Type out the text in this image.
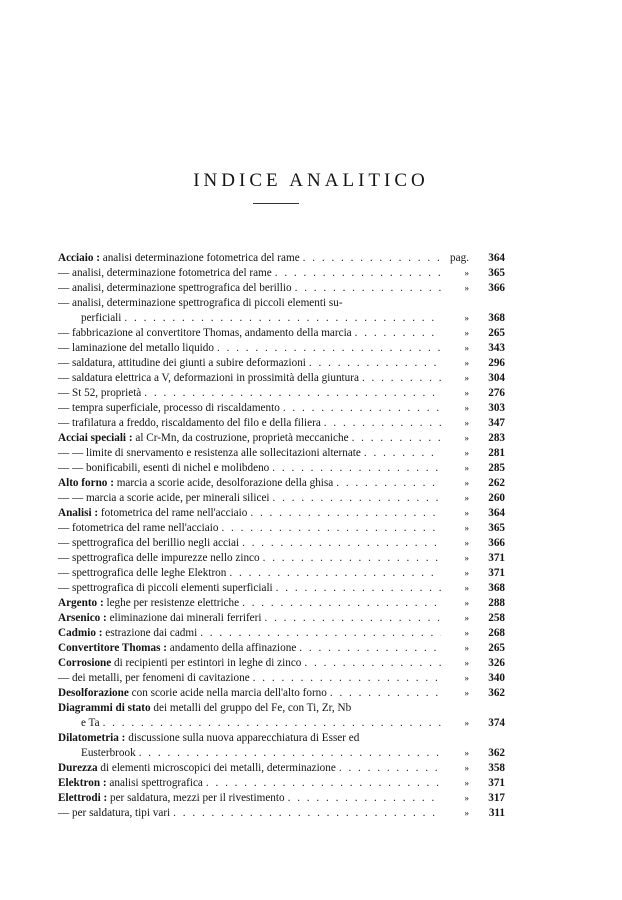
INDICE ANALITICO
Acciaio : analisi determinazione fotometrica del rame . . .	pag.	364
— analisi, determinazione fotometrica del rame . . .	»	365
— analisi, determinazione spettrografica del berillio . . .	»	366
— analisi, determinazione spettrografica di piccoli elementi su-
perficiali . . .	»	368
— fabbricazione al convertitore Thomas, andamento della marcia . . .	»	265
— laminazione del metallo liquido . . .	»	343
— saldatura, attitudine dei giunti a subire deformazioni . . .	»	296
— saldatura elettrica a V, deformazioni in prossimità della giuntura . . .	»	304
— St 52, proprietà . . .	»	276
— tempra superficiale, processo di riscaldamento . . .	»	303
— trafilatura a freddo, riscaldamento del filo e della filiera . . .	»	347
Acciai speciali : al Cr-Mn, da costruzione, proprietà meccaniche . . .	»	283
— — limite di snervamento e resistenza alle sollecitazioni alternate . . .	»	281
— — bonificabili, esenti di nichel e molibdeno . . .	»	285
Alto forno : marcia a scorie acide, desolforazione della ghisa . . .	»	262
— — marcia a scorie acide, per minerali silicei . . .	»	260
Analisi : fotometrica del rame nell'acciaio . . .	»	364
— fotometrica del rame nell'acciaio . . .	»	365
— spettrografica del berillio negli acciai . . .	»	366
— spettrografica delle impurezze nello zinco . . .	»	371
— spettrografica delle leghe Elektron . . .	»	371
— spettrografica di piccoli elementi superficiali . . .	»	368
Argento : leghe per resistenze elettriche . . .	»	288
Arsenico : eliminazione dai minerali ferriferi . . .	»	258
Cadmio : estrazione dai cadmi . . .	»	268
Convertitore Thomas : andamento della affinazione . . .	»	265
Corrosione di recipienti per estintori in leghe di zinco . . .	»	326
— dei metalli, per fenomeni di cavitazione . . .	»	340
Desolforazione con scorie acide nella marcia dell'alto forno . . .	»	362
Diagrammi di stato dei metalli del gruppo del Fe, con Ti, Zr, Nb
e Ta . . .	»	374
Dilatometria : discussione sulla nuova apparecchiatura di Esser ed
Eusterbrook . . .	»	362
Durezza di elementi microscopici dei metalli, determinazione . . .	»	358
Elektron : analisi spettrografica . . .	»	371
Elettrodi : per saldatura, mezzi per il rivestimento . . .	»	317
— per saldatura, tipi vari . . .	»	311
